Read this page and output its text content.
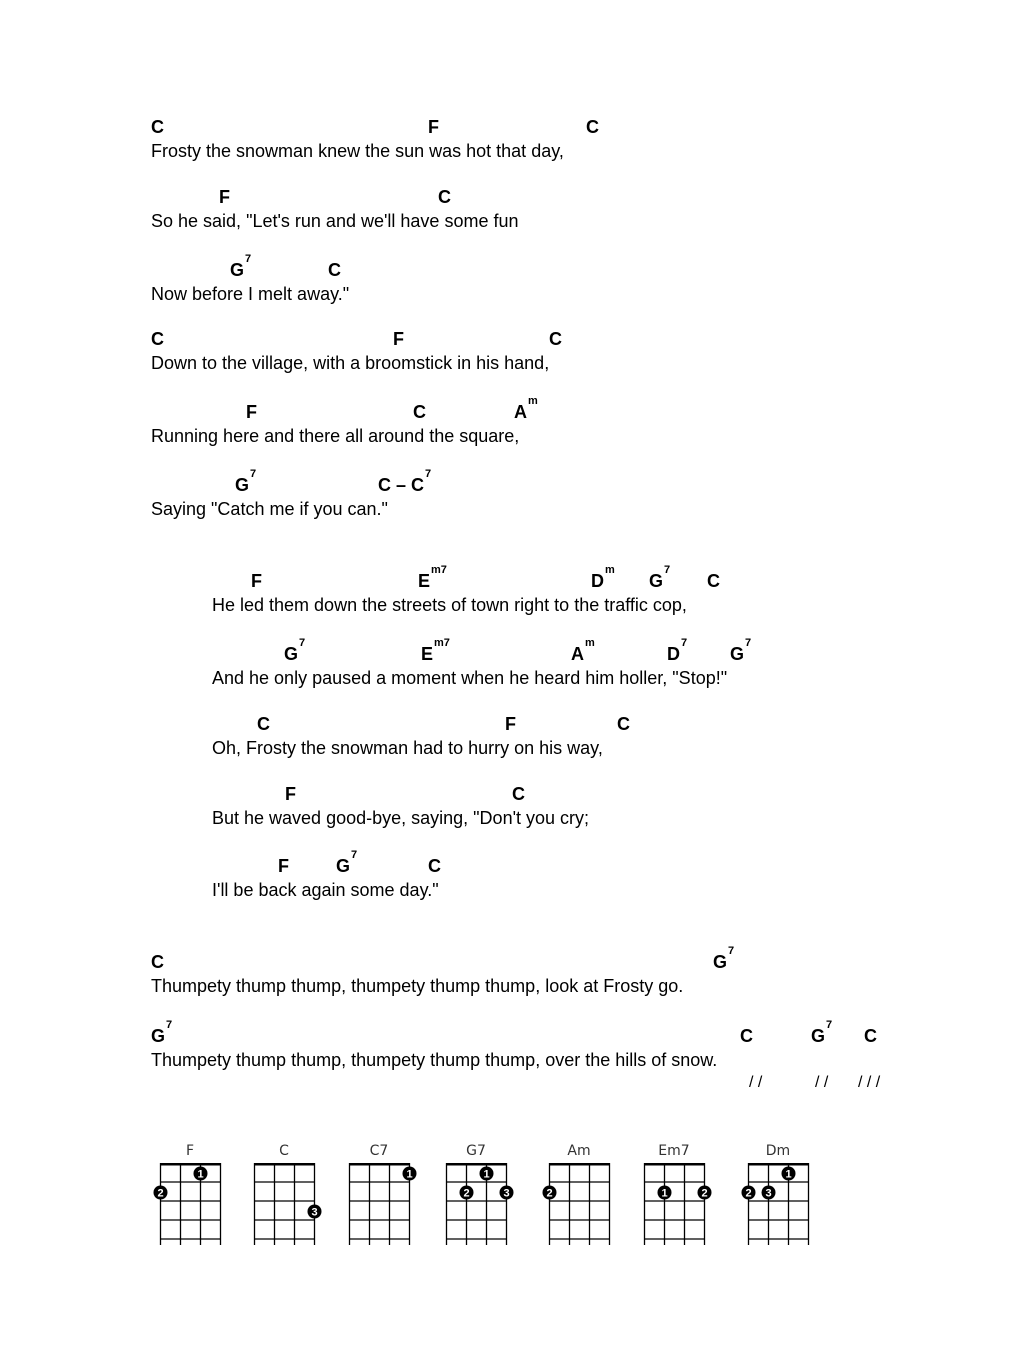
C	F	C
Frosty the snowman knew the sun was hot that day,
F	C
So he said, "Let's run and we'll have some fun
$G^7$
C
Now before I melt away."
C	F	C
Down to the village, with a broomstick in his hand,
F	C	$A^m$
Running here and there all around the square,
$G^7$
C – $C^7$
Saying "Catch me if you can."
F	$E^{m7}$
$D^m$
$G^7$
C
He led them down the streets of town right to the traffic cop,
$G^7$
$E^{m7}$
$A^m$
$D^7$
$G^7$
And he only paused a moment when he heard him holler, "Stop!"
C	F	C
Oh, Frosty the snowman had to hurry on his way,
F	C
But he waved good-bye, saying, "Don't you cry;
F	$G^7$
C
I'll be back again some day."
C	$G^7$
Thumpety thump thump, thumpety thump thump, look at Frosty go.
$G^7$
C	$G^7$
C
Thumpety thump thump, thumpety thump thump, over the hills of snow.
/ /	/ / / / /
F
1
2
C
3
C7
1
G7
1
2	3
Am
2
Em7
1	2
Dm
1
2 3
